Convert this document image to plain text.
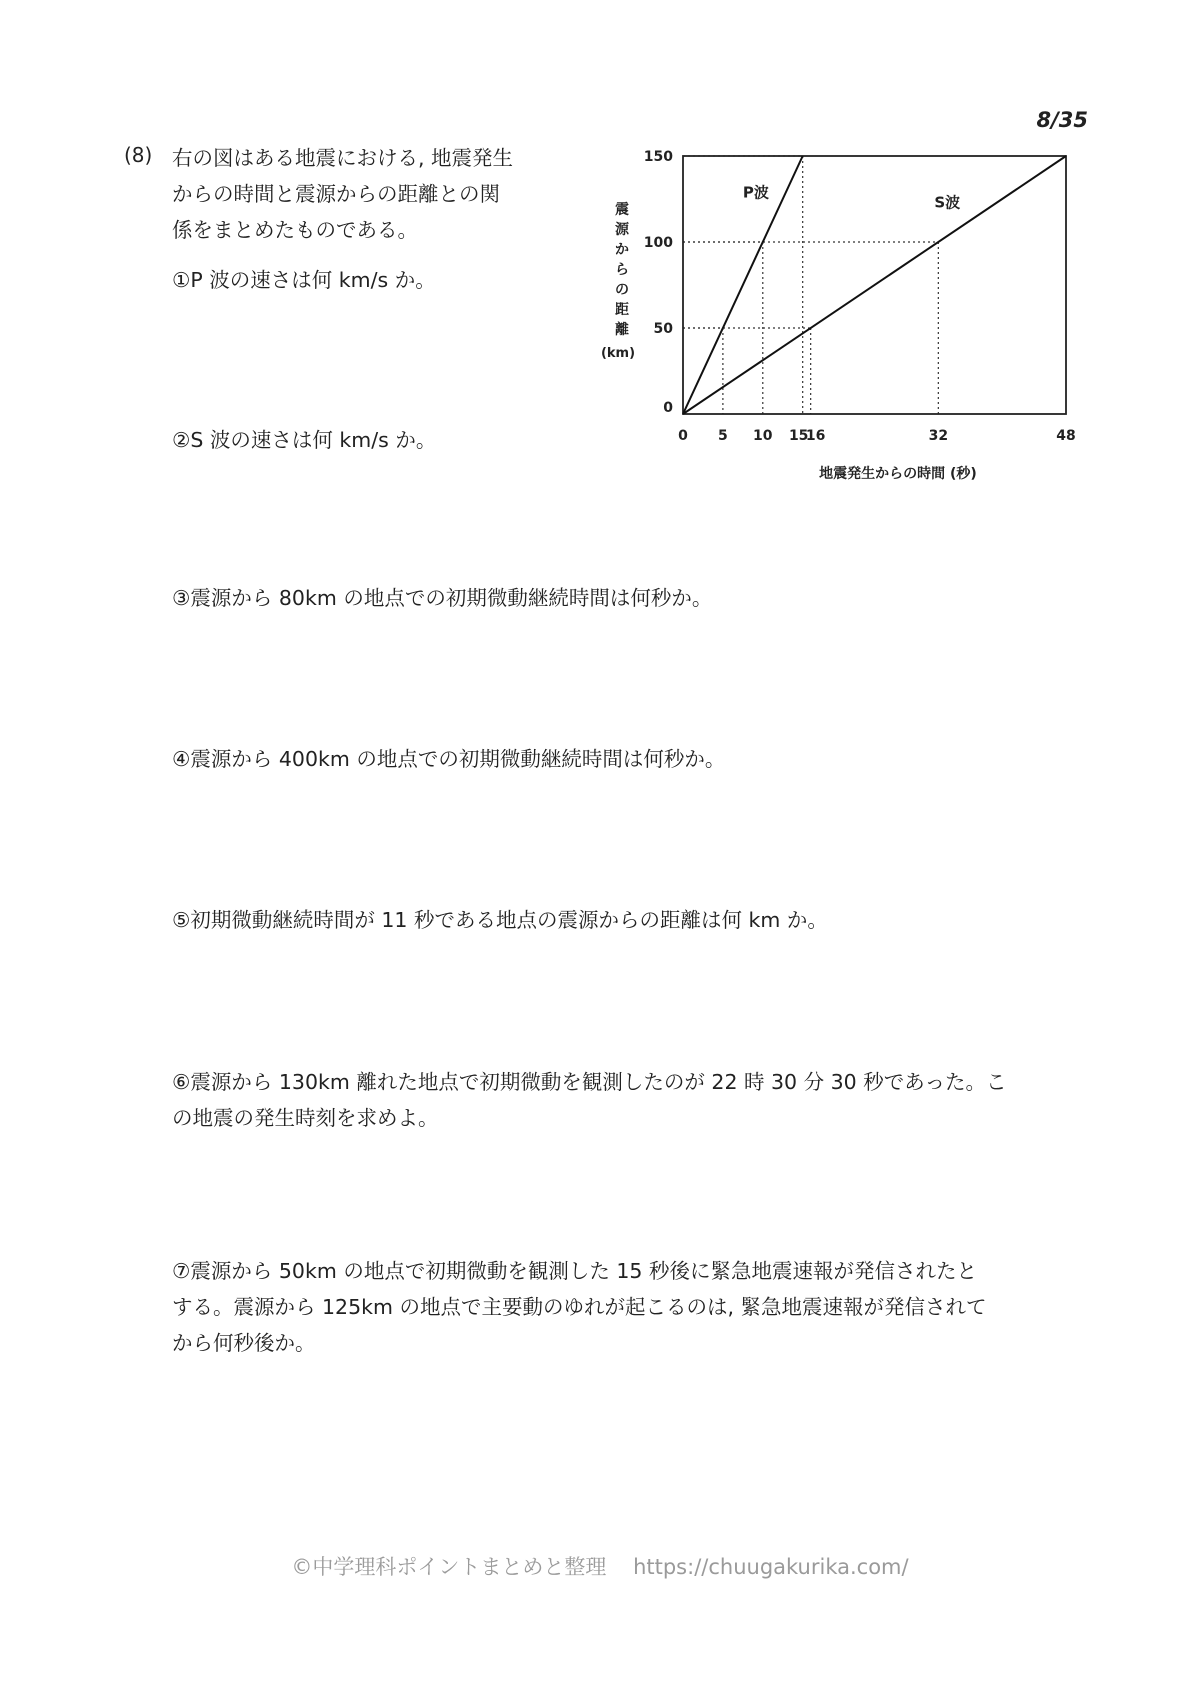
8/35
(8) 右の図はある地震における, 地震発生
からの時間と震源からの距離との関
係をまとめたものである。

①P 波の速さは何 km/s か。

②S 波の速さは何 km/s か。

③震源から 80km の地点での初期微動継続時間は何秒か。

④震源から 400km の地点での初期微動継続時間は何秒か。

⑤初期微動継続時間が 11 秒である地点の震源からの距離は何 km か。

⑥震源から 130km 離れた地点で初期微動を観測したのが 22 時 30 分 30 秒であった。こ
の地震の発生時刻を求めよ。

⑦震源から 50km の地点で初期微動を観測した 15 秒後に緊急地震速報が発信されたと
する。震源から 125km の地点で主要動のゆれが起こるのは, 緊急地震速報が発信されて
から何秒後か。

P波
S波
0 5 10 15
16	32	48
0
50
100
150
震
源
か
ら
の
距
離
(km)
地震発生からの時間 (秒)
©中学理科ポイントまとめと整理 https://chuugakurika.com/
